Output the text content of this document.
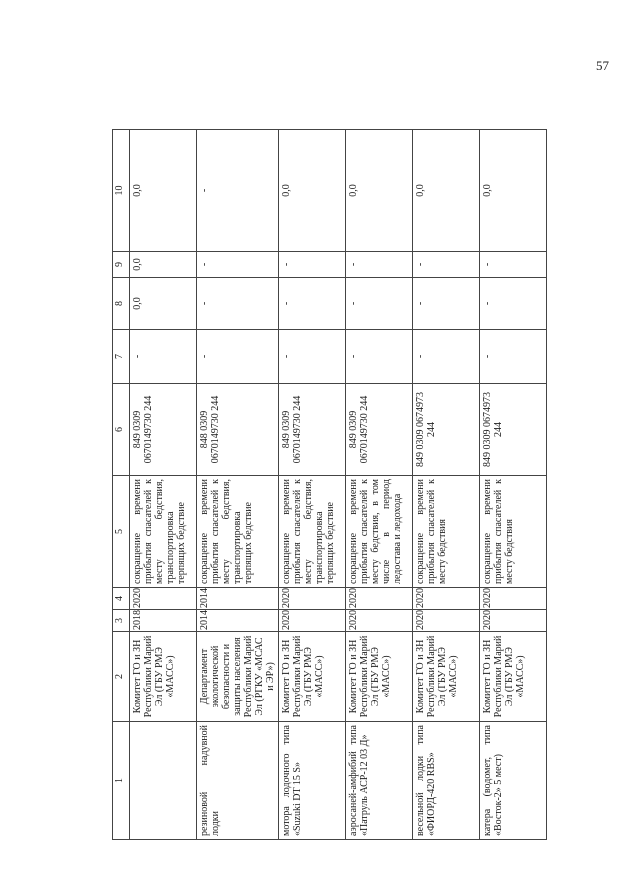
57
1	2	3	4	5	6	7	8	9	10
	Комитет ГО и ЗН Республики Марий Эл (ГБУ РМЭ «МАСС»)	2018	2020	сокращение времени прибытия спасателей к месту бедствия, транспортировка терпящих бедствие	849 0309 0670149730 244	-	0,0	0,0	0,0
резиновой надувной лодки	Департамент экологической безопасности и защиты населения Республики Марий Эл (РГКУ «МСАС и ЭР»)	2014	2014	сокращение времени прибытия спасателей к месту бедствия, транспортировка терпящих бедствие	848 0309 0670149730 244	-	-	-	-
мотора лодочного типа «Suzuki DT 15 S»	Комитет ГО и ЗН Республики Марий Эл (ГБУ РМЭ «МАСС»)	2020	2020	сокращение времени прибытия спасателей к месту бедствия, транспортировка терпящих бедствие	849 0309 0670149730 244	-	-	-	0,0
аэросаней-амфибий типа «Патруль АСР-12 03 Д»	Комитет ГО и ЗН Республики Марий Эл (ГБУ РМЭ «МАСС»)	2020	2020	сокращение времени прибытия спасателей к месту бедствия, в том числе в период ледостава и ледохода	849 0309 0670149730 244	-	-	-	0,0
весельной лодки типа «ФИОРД-420 RBS»	Комитет ГО и ЗН Республики Марий Эл (ГБУ РМЭ «МАСС»)	2020	2020	сокращение времени прибытия спасателей к месту бедствия	849 0309 0674973 244	-	-	-	0,0
катера (водомет, типа «Восток-2» 5 мест)	Комитет ГО и ЗН Республики Марий Эл (ГБУ РМЭ «МАСС»)	2020	2020	сокращение времени прибытия спасателей к месту бедствия	849 0309 0674973 244	-	-	-	0,0
